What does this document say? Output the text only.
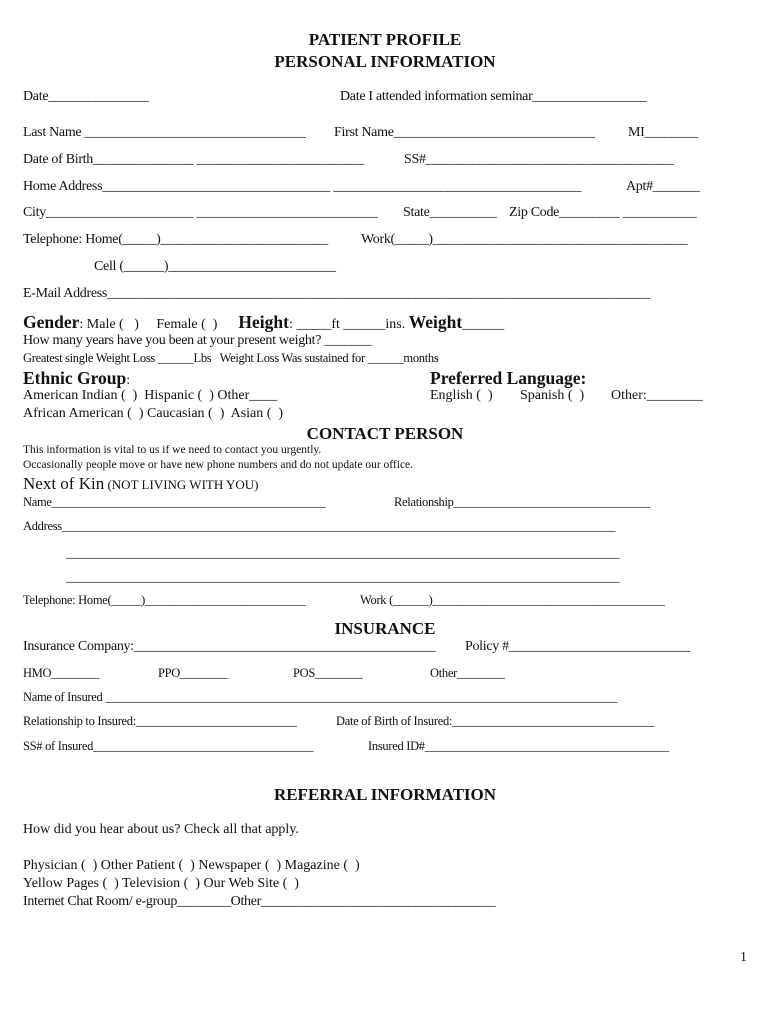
PATIENT PROFILE
PERSONAL INFORMATION
Date_______________	Date I attended information seminar_________________
Last Name _________________________________ First Name______________________________ MI________
Date of Birth_______________ _________________________	SS#_____________________________________
Home Address__________________________________ _____________________________________	Apt#_______
City______________________ ___________________________ State__________ Zip Code_________ ___________
Telephone: Home(_____)_________________________ Work(_____)______________________________________
Cell (______)_________________________
E-Mail Address_________________________________________________________________________________
Gender: Male (   )     Female (  ) Height: _____ft ______ins. Weight______
How many years have you been at your present weight? _______
Greatest single Weight Loss ______Lbs   Weight Loss Was sustained for ______months
Ethnic Group:	Preferred Language:
American Indian (  )  Hispanic (  ) Other____
African American (  ) Caucasian (  )  Asian (  )
English (  ) Spanish (  ) Other:________
CONTACT PERSON
This information is vital to us if we need to contact you urgently.
Occasionally people move or have new phone numbers and do not update our office.
Next of Kin (NOT LIVING WITH YOU)
Name______________________________________________	Relationship_________________________________
Address_____________________________________________________________________________________________
_____________________________________________________________________________________________
_____________________________________________________________________________________________
Telephone: Home(_____)___________________________	Work (______)_______________________________________
INSURANCE
Insurance Company:_____________________________________________ Policy #___________________________
HMO________	PPO________	POS________	Other________
Name of Insured ______________________________________________________________________________________
Relationship to Insured:___________________________	Date of Birth of Insured:__________________________________
SS# of Insured_____________________________________	Insured ID#_________________________________________
REFERRAL INFORMATION
How did you hear about us? Check all that apply.
Physician (  ) Other Patient (  ) Newspaper (  ) Magazine (  )
Yellow Pages (  ) Television (  ) Our Web Site (  )
Internet Chat Room/ e-group________Other___________________________________
1
